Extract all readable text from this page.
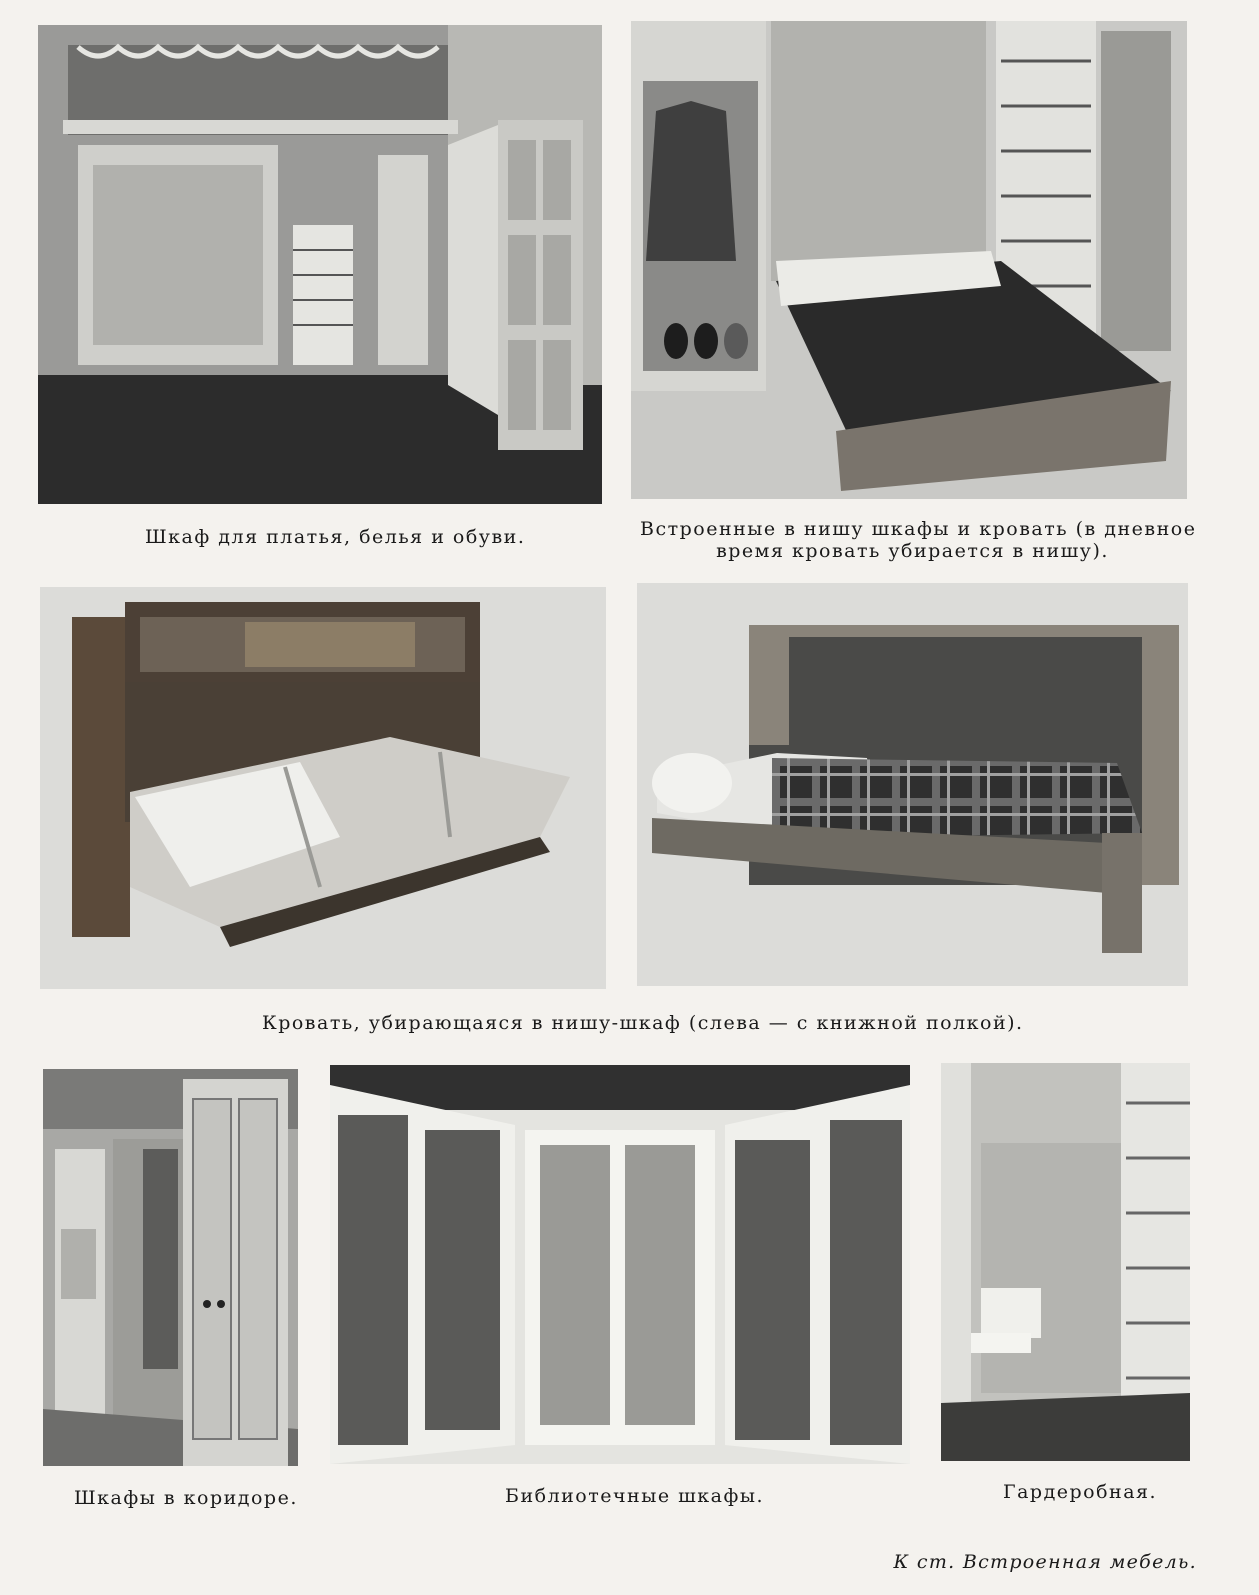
Шкаф для платья, белья и обуви.	Встроенные в нишу шкафы и кровать (в дневное
время кровать убирается в нишу).
Кровать, убирающаяся в нишу-шкаф (слева — с книжной полкой).
Шкафы в коридоре.	Библиотечные шкафы.	Гардеробная.
К ст. Встроенная мебель.
